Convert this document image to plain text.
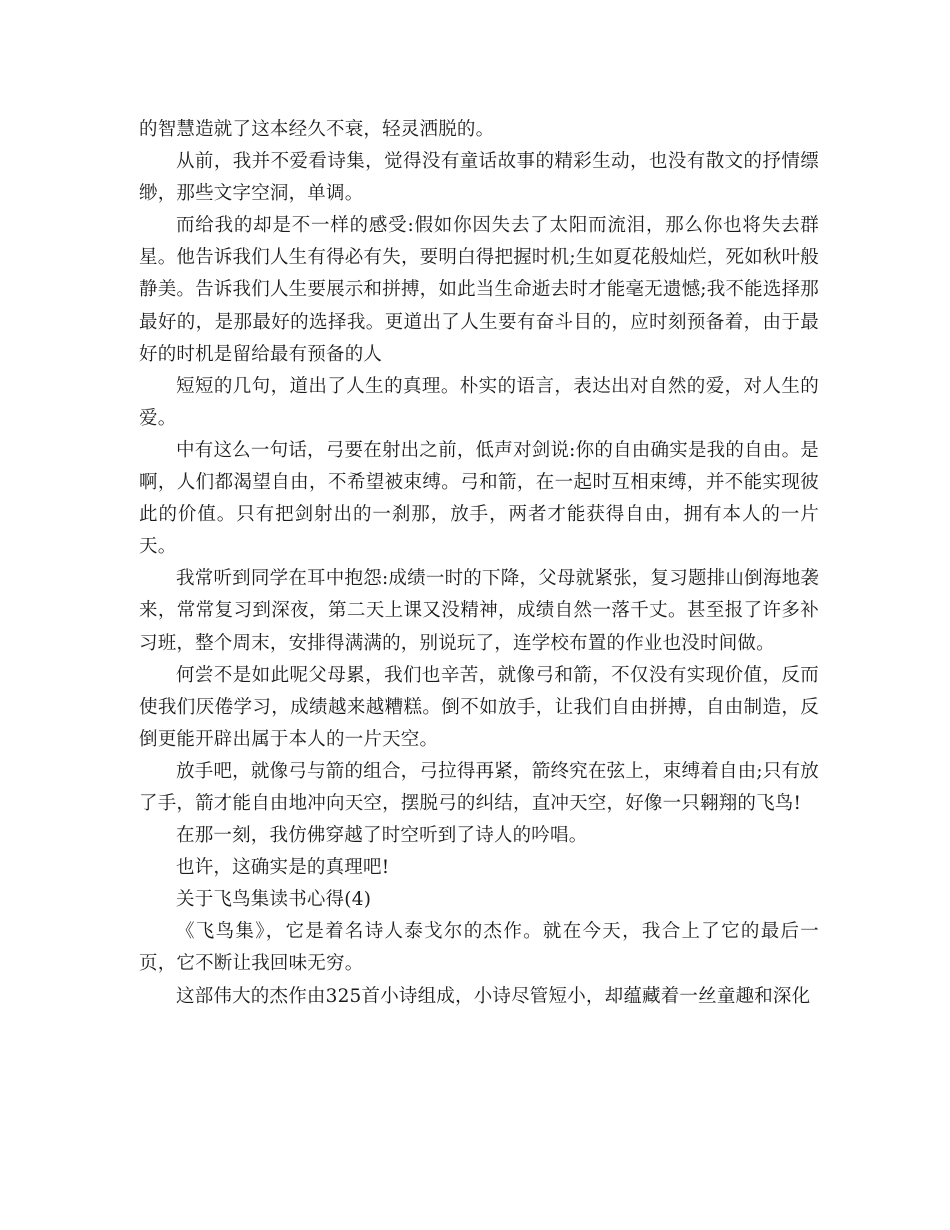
的智慧造就了这本经久不衰，轻灵洒脱的。

从前，我并不爱看诗集，觉得没有童话故事的精彩生动，也没有散文的抒情缥缈，那些文字空洞，单调。

而给我的却是不一样的感受:假如你因失去了太阳而流泪，那么你也将失去群星。他告诉我们人生有得必有失，要明白得把握时机;生如夏花般灿烂，死如秋叶般静美。告诉我们人生要展示和拼搏，如此当生命逝去时才能毫无遗憾;我不能选择那最好的，是那最好的选择我。更道出了人生要有奋斗目的，应时刻预备着，由于最好的时机是留给最有预备的人

短短的几句，道出了人生的真理。朴实的语言，表达出对自然的爱，对人生的爱。

中有这么一句话，弓要在射出之前，低声对剑说:你的自由确实是我的自由。是啊，人们都渴望自由，不希望被束缚。弓和箭，在一起时互相束缚，并不能实现彼此的价值。只有把剑射出的一刹那，放手，两者才能获得自由，拥有本人的一片天。

我常听到同学在耳中抱怨:成绩一时的下降，父母就紧张，复习题排山倒海地袭来，常常复习到深夜，第二天上课又没精神，成绩自然一落千丈。甚至报了许多补习班，整个周末，安排得满满的，别说玩了，连学校布置的作业也没时间做。

何尝不是如此呢父母累，我们也辛苦，就像弓和箭，不仅没有实现价值，反而使我们厌倦学习，成绩越来越糟糕。倒不如放手，让我们自由拼搏，自由制造，反倒更能开辟出属于本人的一片天空。

放手吧，就像弓与箭的组合，弓拉得再紧，箭终究在弦上，束缚着自由;只有放了手，箭才能自由地冲向天空，摆脱弓的纠结，直冲天空，好像一只翱翔的飞鸟!

在那一刻，我仿佛穿越了时空听到了诗人的吟唱。

也许，这确实是的真理吧!

关于飞鸟集读书心得(4)

《飞鸟集》，它是着名诗人泰戈尔的杰作。就在今天，我合上了它的最后一页，它不断让我回味无穷。

这部伟大的杰作由325首小诗组成，小诗尽管短小，却蕴藏着一丝童趣和深化
